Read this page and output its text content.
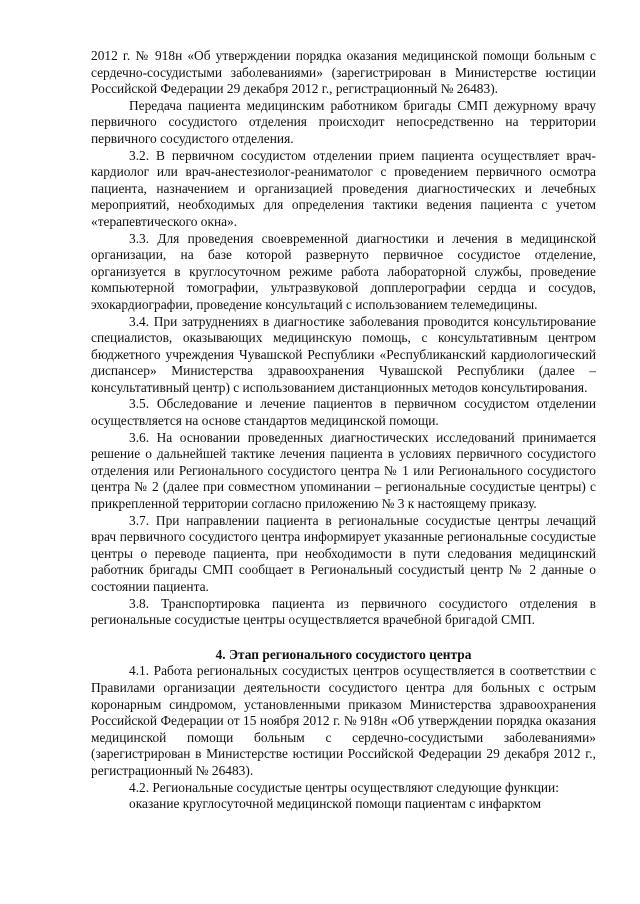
2012 г. № 918н «Об утверждении порядка оказания медицинской помощи больным с сердечно-сосудистыми заболеваниями» (зарегистрирован в Министерстве юстиции Российской Федерации 29 декабря 2012 г., регистрационный № 26483).

Передача пациента медицинским работником бригады СМП дежурному врачу первичного сосудистого отделения происходит непосредственно на территории первичного сосудистого отделения.

3.2. В первичном сосудистом отделении прием пациента осуществляет врач-кардиолог или врач-анестезиолог-реаниматолог с проведением первичного осмотра пациента, назначением и организацией проведения диагностических и лечебных мероприятий, необходимых для определения тактики ведения пациента с учетом «терапевтического окна».

3.3. Для проведения своевременной диагностики и лечения в медицинской организации, на базе которой развернуто первичное сосудистое отделение, организуется в круглосуточном режиме работа лабораторной службы, проведение компьютерной томографии, ультразвуковой допплерографии сердца и сосудов, эхокардиографии, проведение консультаций с использованием телемедицины.

3.4. При затруднениях в диагностике заболевания проводится консультирование специалистов, оказывающих медицинскую помощь, с консультативным центром бюджетного учреждения Чувашской Республики «Республиканский кардиологический диспансер» Министерства здравоохранения Чувашской Республики (далее – консультативный центр) с использованием дистанционных методов консультирования.

3.5. Обследование и лечение пациентов в первичном сосудистом отделении осуществляется на основе стандартов медицинской помощи.

3.6. На основании проведенных диагностических исследований принимается решение о дальнейшей тактике лечения пациента в условиях первичного сосудистого отделения или Регионального сосудистого центра № 1 или Регионального сосудистого центра № 2 (далее при совместном упоминании – региональные сосудистые центры) с прикрепленной территории согласно приложению № 3 к настоящему приказу.

3.7. При направлении пациента в региональные сосудистые центры лечащий врач первичного сосудистого центра информирует указанные региональные сосудистые центры о переводе пациента, при необходимости в пути следования медицинский работник бригады СМП сообщает в Региональный сосудистый центр № 2 данные о состоянии пациента.

3.8. Транспортировка пациента из первичного сосудистого отделения в региональные сосудистые центры осуществляется врачебной бригадой СМП.

4. Этап регионального сосудистого центра

4.1. Работа региональных сосудистых центров осуществляется в соответствии с Правилами организации деятельности сосудистого центра для больных с острым коронарным синдромом, установленными приказом Министерства здравоохранения Российской Федерации от 15 ноября 2012 г. № 918н «Об утверждении порядка оказания медицинской помощи больным с сердечно-сосудистыми заболеваниями» (зарегистрирован в Министерстве юстиции Российской Федерации 29 декабря 2012 г., регистрационный № 26483).

4.2. Региональные сосудистые центры осуществляют следующие функции:

оказание круглосуточной медицинской помощи пациентам с инфарктом
